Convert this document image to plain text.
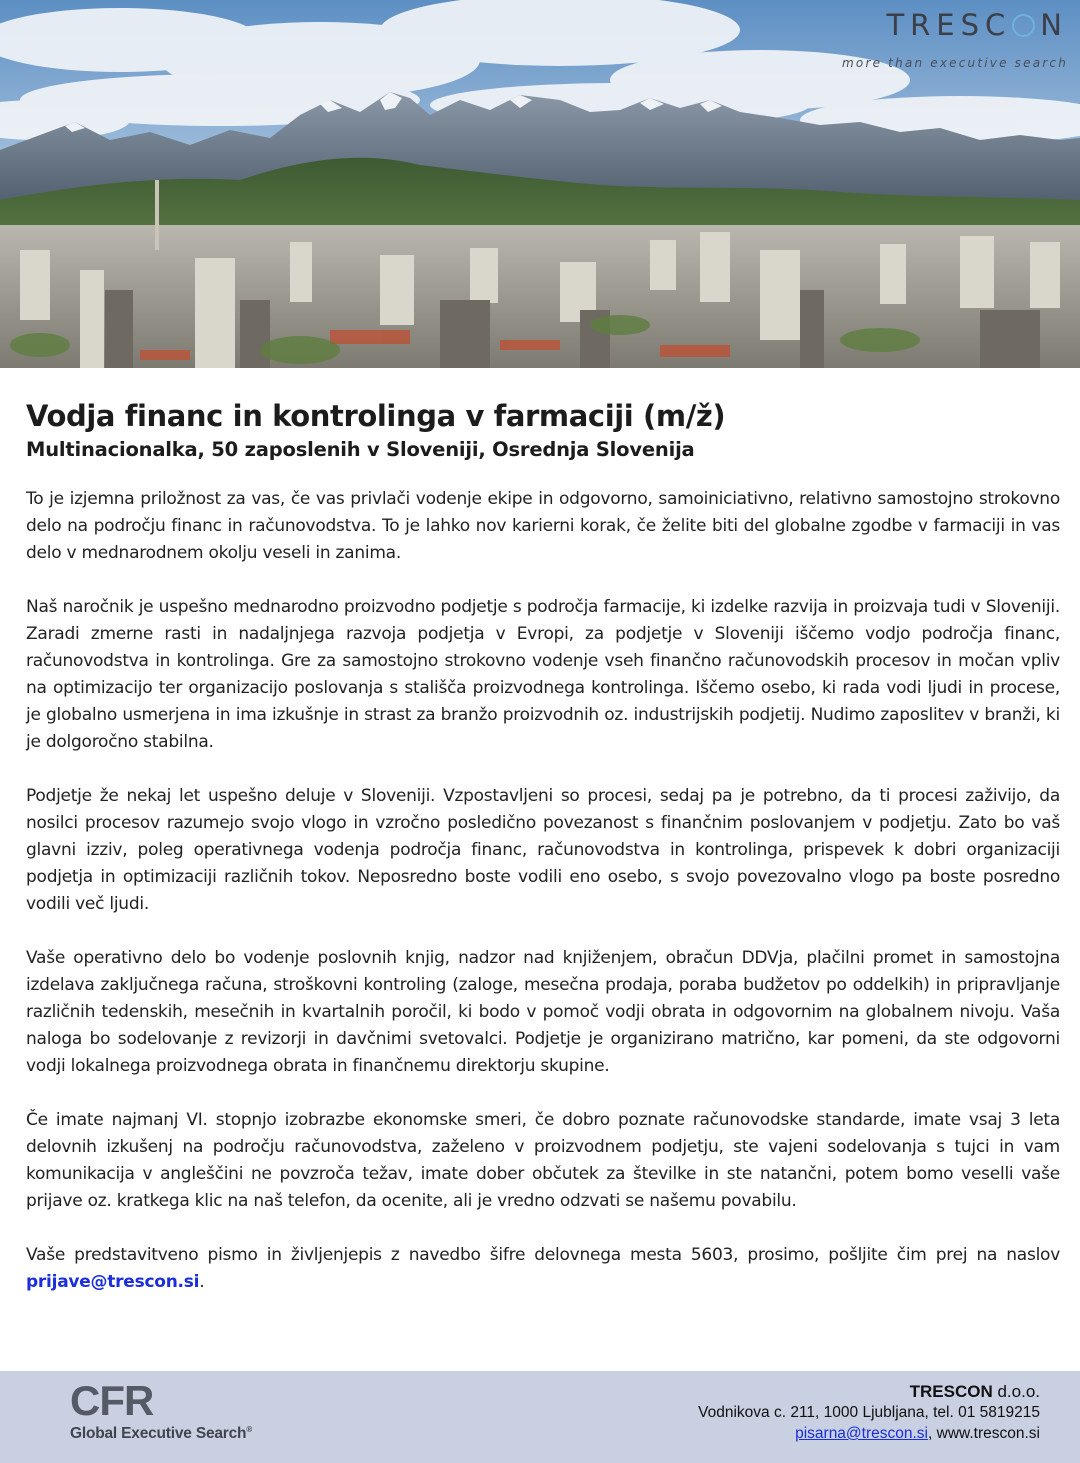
TRESC N
more than executive search
Vodja financ in kontrolinga v farmaciji (m/ž)
Multinacionalka, 50 zaposlenih v Sloveniji, Osrednja Slovenija

To je izjemna priložnost za vas, če vas privlači vodenje ekipe in odgovorno, samoiniciativno, relativno samostojno strokovno delo na področju financ in računovodstva. To je lahko nov karierni korak, če želite biti del globalne zgodbe v farmaciji in vas delo v mednarodnem okolju veseli in zanima.

Naš naročnik je uspešno mednarodno proizvodno podjetje s področja farmacije, ki izdelke razvija in proizvaja tudi v Sloveniji. Zaradi zmerne rasti in nadaljnjega razvoja podjetja v Evropi, za podjetje v Sloveniji iščemo vodjo področja financ, računovodstva in kontrolinga. Gre za samostojno strokovno vodenje vseh finančno računovodskih procesov in močan vpliv na optimizacijo ter organizacijo poslovanja s stališča proizvodnega kontrolinga. Iščemo osebo, ki rada vodi ljudi in procese, je globalno usmerjena in ima izkušnje in strast za branžo proizvodnih oz. industrijskih podjetij. Nudimo zaposlitev v branži, ki je dolgoročno stabilna.

Podjetje že nekaj let uspešno deluje v Sloveniji. Vzpostavljeni so procesi, sedaj pa je potrebno, da ti procesi zaživijo, da nosilci procesov razumejo svojo vlogo in vzročno posledično povezanost s finančnim poslovanjem v podjetju. Zato bo vaš glavni izziv, poleg operativnega vodenja področja financ, računovodstva in kontrolinga, prispevek k dobri organizaciji podjetja in optimizaciji različnih tokov. Neposredno boste vodili eno osebo, s svojo povezovalno vlogo pa boste posredno vodili več ljudi.

Vaše operativno delo bo vodenje poslovnih knjig, nadzor nad knjiženjem, obračun DDVja, plačilni promet in samostojna izdelava zaključnega računa, stroškovni kontroling (zaloge, mesečna prodaja, poraba budžetov po oddelkih) in pripravljanje različnih tedenskih, mesečnih in kvartalnih poročil, ki bodo v pomoč vodji obrata in odgovornim na globalnem nivoju. Vaša naloga bo sodelovanje z revizorji in davčnimi svetovalci. Podjetje je organizirano matrično, kar pomeni, da ste odgovorni vodji lokalnega proizvodnega obrata in finančnemu direktorju skupine.

Če imate najmanj VI. stopnjo izobrazbe ekonomske smeri, če dobro poznate računovodske standarde, imate vsaj 3 leta delovnih izkušenj na področju računovodstva, zaželeno v proizvodnem podjetju, ste vajeni sodelovanja s tujci in vam komunikacija v angleščini ne povzroča težav, imate dober občutek za številke in ste natančni, potem bomo veselli vaše prijave oz. kratkega klic na naš telefon, da ocenite, ali je vredno odzvati se našemu povabilu.

Vaše predstavitveno pismo in življenjepis z navedbo šifre delovnega mesta 5603, prosimo, pošljite čim prej na naslov prijave@trescon.si.

CFR
Global Executive Search®
TRESCON d.o.o.
Vodnikova c. 211, 1000 Ljubljana, tel. 01 5819215
pisarna@trescon.si, www.trescon.si
